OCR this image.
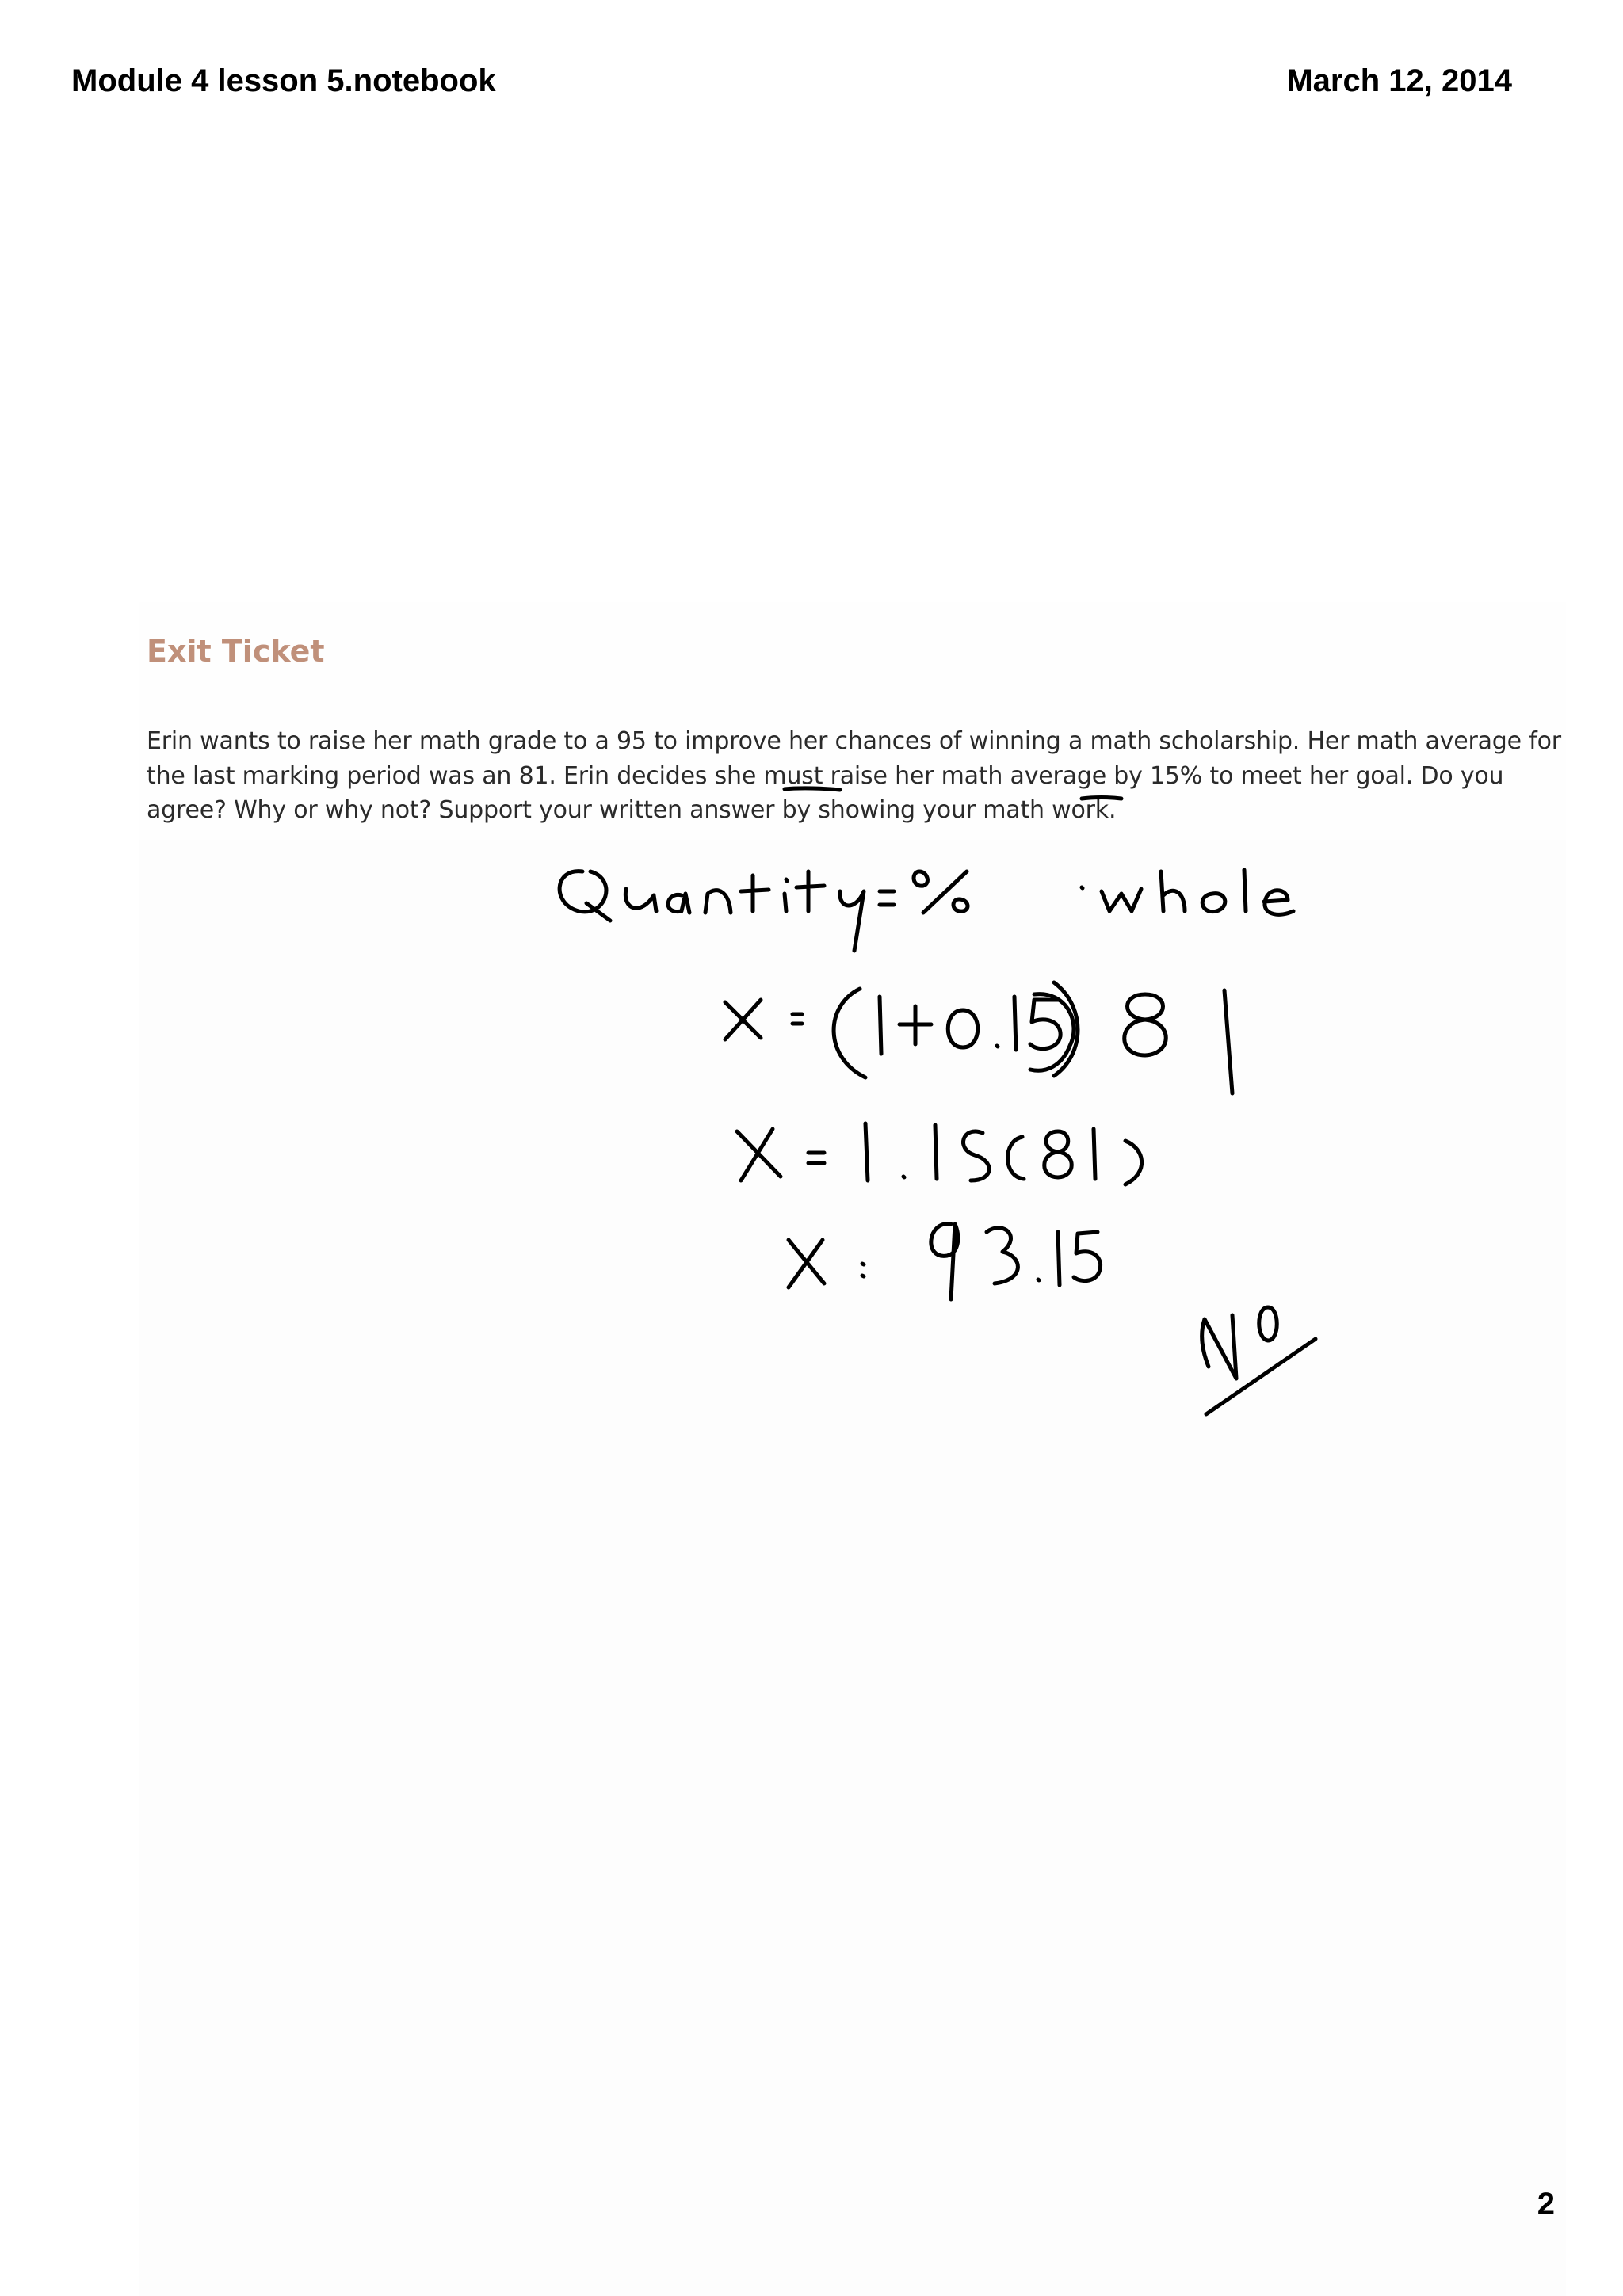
Module 4 lesson 5.notebook	March 12, 2014
Exit Ticket
Erin wants to raise her math grade to a 95 to improve her chances of winning a math scholarship. Her math average for
the last marking period was an 81. Erin decides she must raise her math average by 15% to meet her goal. Do you
agree? Why or why not? Support your written answer by showing your math work.
2
